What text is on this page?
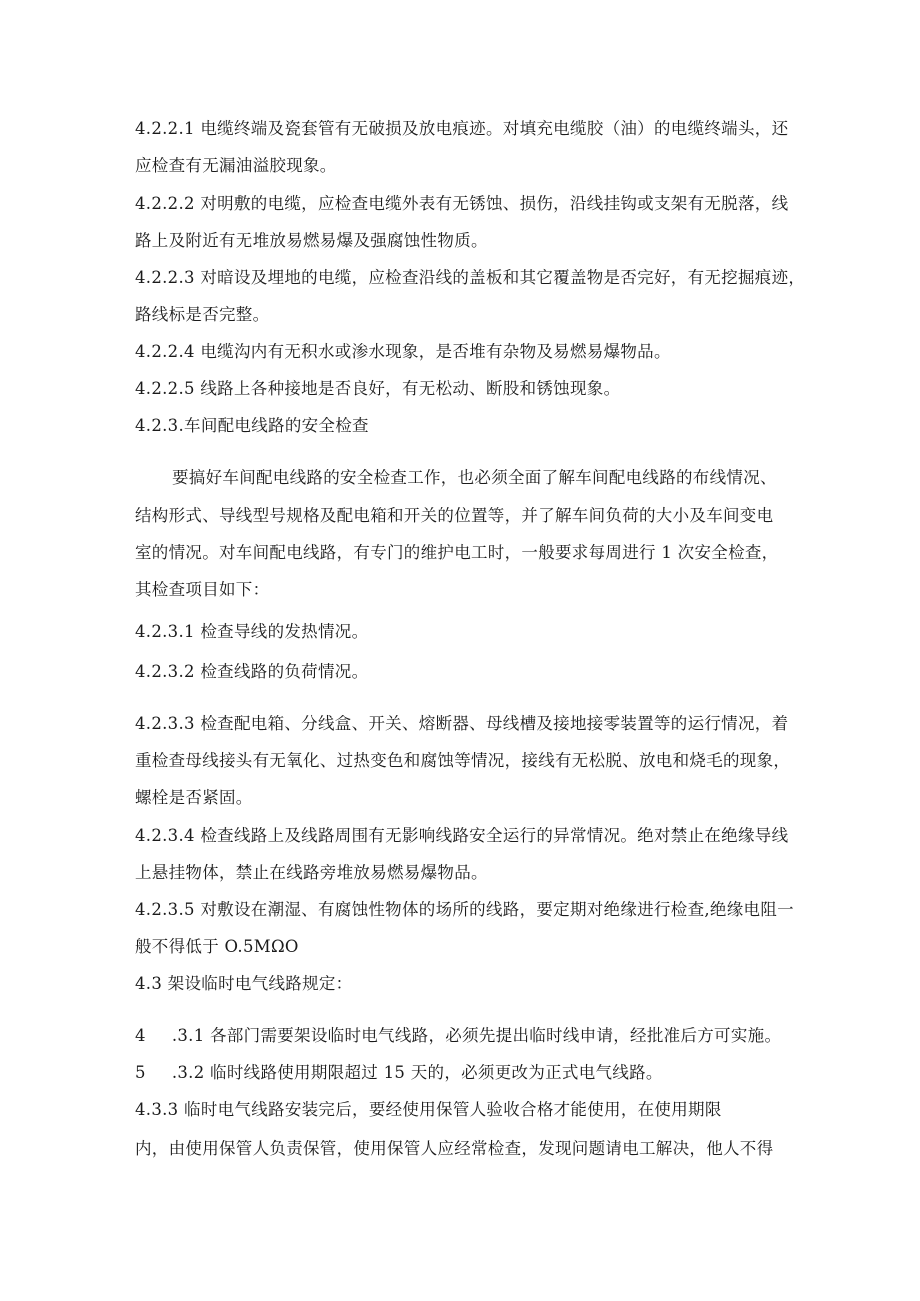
4.2.2.1 电缆终端及瓷套管有无破损及放电痕迹。对填充电缆胶（油）的电缆终端头，还
应检查有无漏油溢胶现象。
4.2.2.2 对明敷的电缆，应检查电缆外表有无锈蚀、损伤，沿线挂钩或支架有无脱落，线
路上及附近有无堆放易燃易爆及强腐蚀性物质。
4.2.2.3 对暗设及埋地的电缆，应检查沿线的盖板和其它覆盖物是否完好，有无挖掘痕迹，
路线标是否完整。
4.2.2.4 电缆沟内有无积水或渗水现象，是否堆有杂物及易燃易爆物品。
4.2.2.5 线路上各种接地是否良好，有无松动、断股和锈蚀现象。
4.2.3.车间配电线路的安全检查
要搞好车间配电线路的安全检查工作，也必须全面了解车间配电线路的布线情况、
结构形式、导线型号规格及配电箱和开关的位置等，并了解车间负荷的大小及车间变电
室的情况。对车间配电线路，有专门的维护电工时，一般要求每周进行 1 次安全检查，
其检查项目如下：
4.2.3.1 检查导线的发热情况。
4.2.3.2 检查线路的负荷情况。
4.2.3.3 检查配电箱、分线盒、开关、熔断器、母线槽及接地接零装置等的运行情况，着
重检查母线接头有无氧化、过热变色和腐蚀等情况，接线有无松脱、放电和烧毛的现象，
螺栓是否紧固。
4.2.3.4 检查线路上及线路周围有无影响线路安全运行的异常情况。绝对禁止在绝缘导线
上悬挂物体，禁止在线路旁堆放易燃易爆物品。
4.2.3.5 对敷设在潮湿、有腐蚀性物体的场所的线路，要定期对绝缘进行检查,绝缘电阻一
般不得低于 O.5MΩO
4.3 架设临时电气线路规定：
4 .3.1 各部门需要架设临时电气线路，必须先提出临时线申请，经批准后方可实施。
5 .3.2 临时线路使用期限超过 15 天的，必须更改为正式电气线路。
4.3.3 临时电气线路安装完后，要经使用保管人验收合格才能使用，在使用期限
内，由使用保管人负责保管，使用保管人应经常检查，发现问题请电工解决，他人不得
